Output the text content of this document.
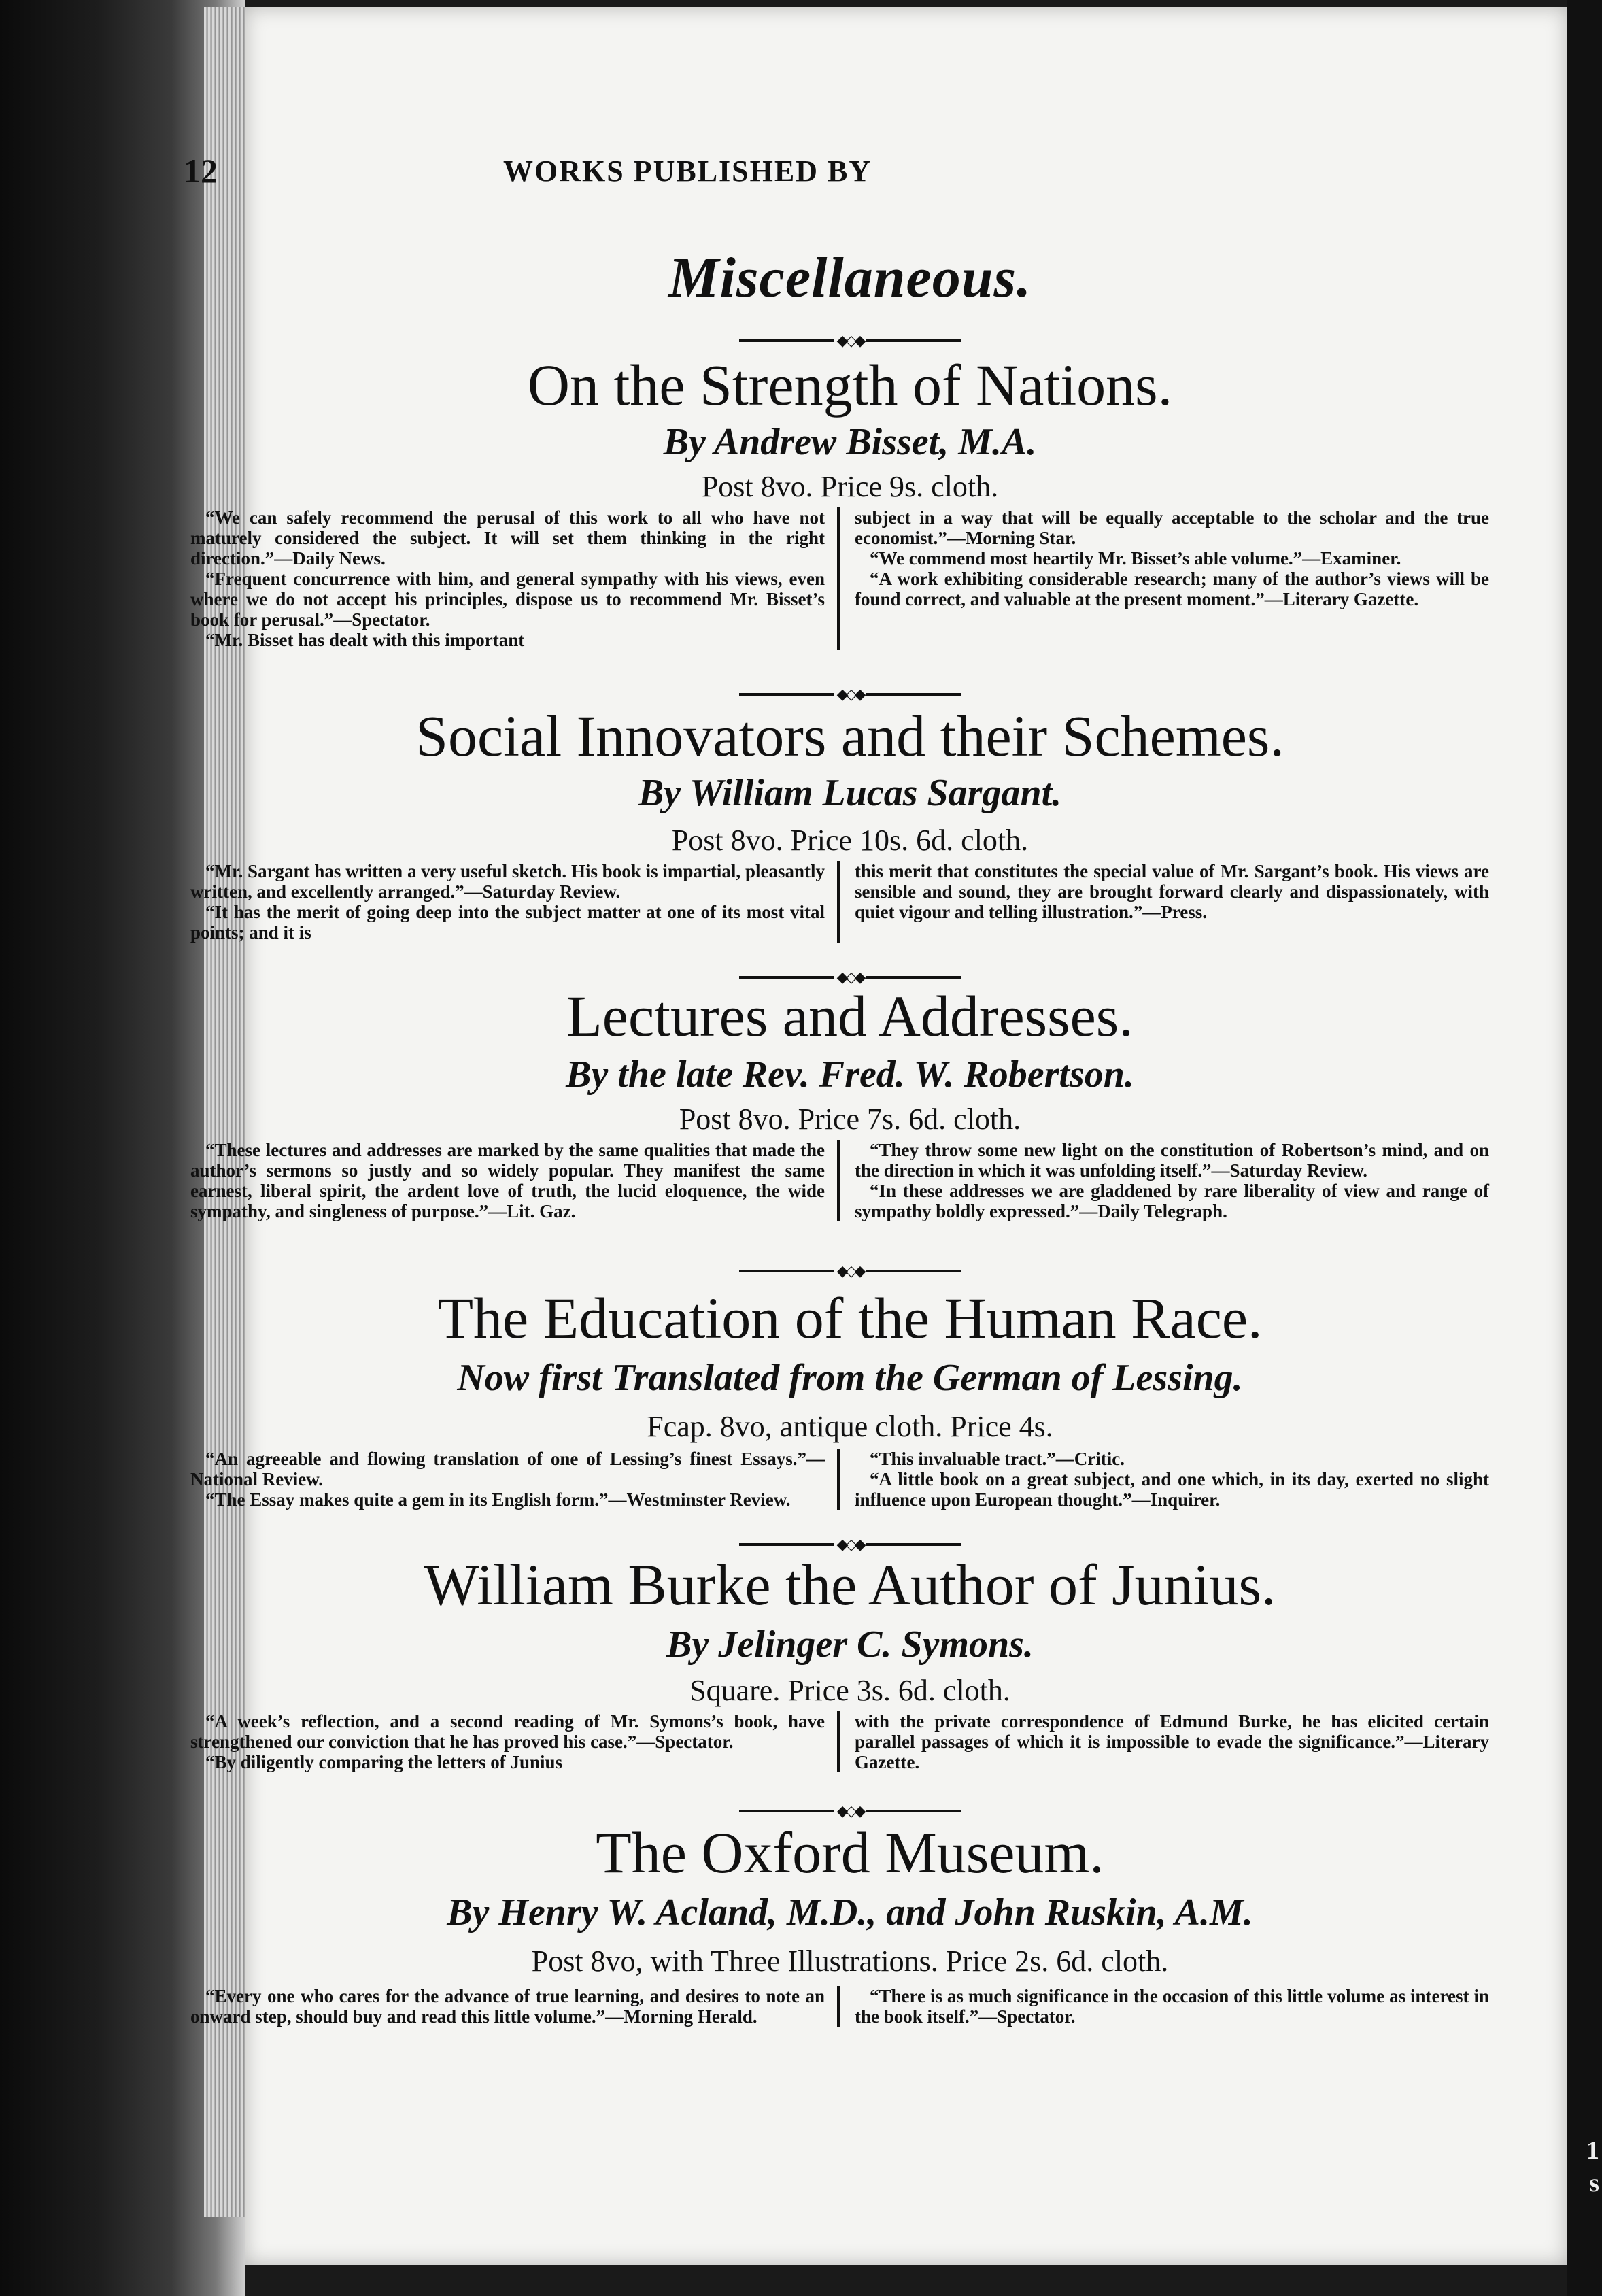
1
s
12	WORKS PUBLISHED BY
Miscellaneous.
◆◇◆
On the Strength of Nations.
By Andrew Bisset, M.A.
Post 8vo. Price 9s. cloth.

“We can safely recommend the perusal of this work to all who have not maturely considered the subject. It will set them thinking in the right direction.”—Daily News.

“Frequent concurrence with him, and general sympathy with his views, even where we do not accept his principles, dispose us to recommend Mr. Bisset’s book for perusal.”—Spectator.

“Mr. Bisset has dealt with this important

subject in a way that will be equally acceptable to the scholar and the true economist.”—Morning Star.

“We commend most heartily Mr. Bisset’s able volume.”—Examiner.

“A work exhibiting considerable research; many of the author’s views will be found correct, and valuable at the present moment.”—Literary Gazette.

◆◇◆
Social Innovators and their Schemes.
By William Lucas Sargant.
Post 8vo. Price 10s. 6d. cloth.

“Mr. Sargant has written a very useful sketch. His book is impartial, pleasantly written, and excellently arranged.”—Saturday Review.

“It has the merit of going deep into the subject matter at one of its most vital points; and it is

this merit that constitutes the special value of Mr. Sargant’s book. His views are sensible and sound, they are brought forward clearly and dispassionately, with quiet vigour and telling illustration.”—Press.

◆◇◆
Lectures and Addresses.
By the late Rev. Fred. W. Robertson.
Post 8vo. Price 7s. 6d. cloth.

“These lectures and addresses are marked by the same qualities that made the author’s sermons so justly and so widely popular. They manifest the same earnest, liberal spirit, the ardent love of truth, the lucid eloquence, the wide sympathy, and singleness of purpose.”—Lit. Gaz.

“They throw some new light on the constitution of Robertson’s mind, and on the direction in which it was unfolding itself.”—Saturday Review.

“In these addresses we are gladdened by rare liberality of view and range of sympathy boldly expressed.”—Daily Telegraph.

◆◇◆
The Education of the Human Race.
Now first Translated from the German of Lessing.
Fcap. 8vo, antique cloth. Price 4s.

“An agreeable and flowing translation of one of Lessing’s finest Essays.”—National Review.

“The Essay makes quite a gem in its English form.”—Westminster Review.

“This invaluable tract.”—Critic.

“A little book on a great subject, and one which, in its day, exerted no slight influence upon European thought.”—Inquirer.

◆◇◆
William Burke the Author of Junius.
By Jelinger C. Symons.
Square. Price 3s. 6d. cloth.

“A week’s reflection, and a second reading of Mr. Symons’s book, have strengthened our conviction that he has proved his case.”—Spectator.

“By diligently comparing the letters of Junius

with the private correspondence of Edmund Burke, he has elicited certain parallel passages of which it is impossible to evade the significance.”—Literary Gazette.

◆◇◆
The Oxford Museum.
By Henry W. Acland, M.D., and John Ruskin, A.M.
Post 8vo, with Three Illustrations. Price 2s. 6d. cloth.

“Every one who cares for the advance of true learning, and desires to note an onward step, should buy and read this little volume.”—Morning Herald.

“There is as much significance in the occasion of this little volume as interest in the book itself.”—Spectator.
